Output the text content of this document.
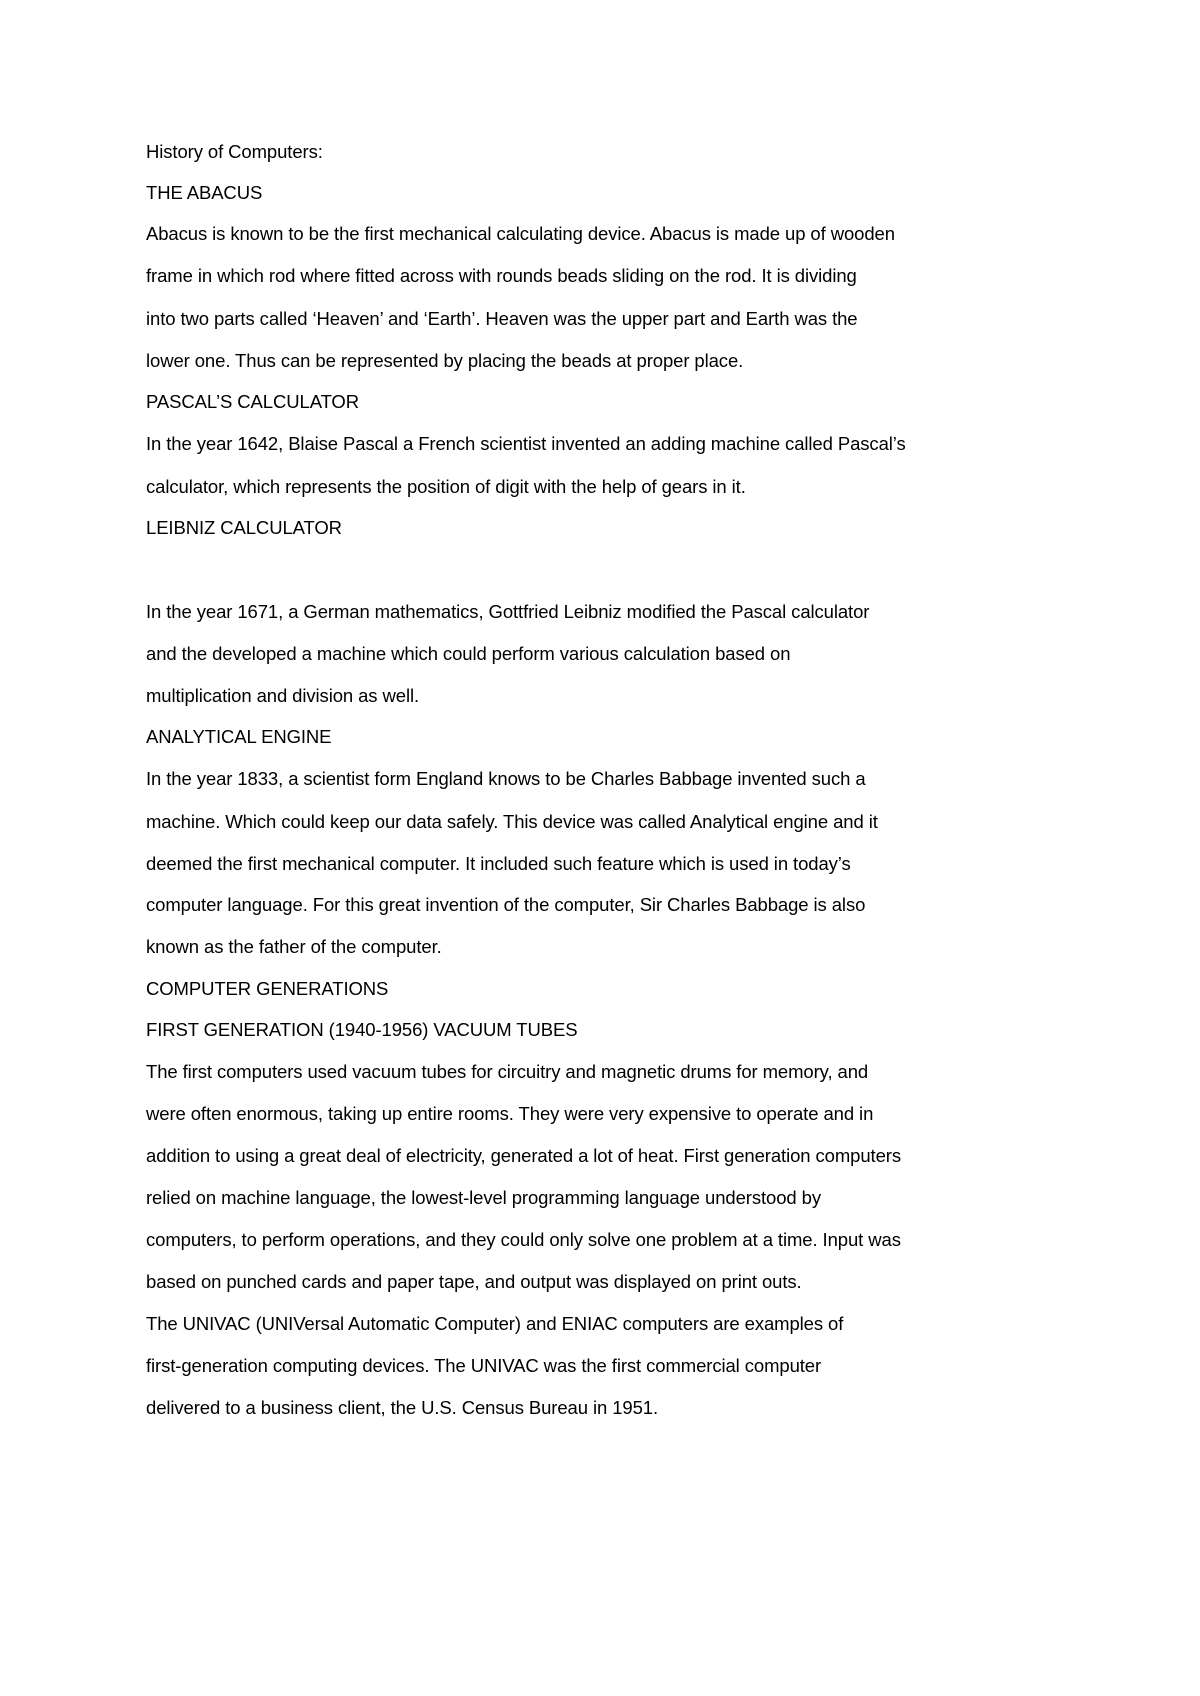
History of Computers:
THE ABACUS
Abacus is known to be the first mechanical calculating device. Abacus is made up of wooden
frame in which rod where fitted across with rounds beads sliding on the rod. It is dividing
into two parts called ‘Heaven’ and ‘Earth’. Heaven was the upper part and Earth was the
lower one. Thus can be represented by placing the beads at proper place.
PASCAL’S CALCULATOR
In the year 1642, Blaise Pascal a French scientist invented an adding machine called Pascal’s
calculator, which represents the position of digit with the help of gears in it.
LEIBNIZ CALCULATOR
In the year 1671, a German mathematics, Gottfried Leibniz modified the Pascal calculator
and the developed a machine which could perform various calculation based on
multiplication and division as well.
ANALYTICAL ENGINE
In the year 1833, a scientist form England knows to be Charles Babbage invented such a
machine. Which could keep our data safely. This device was called Analytical engine and it
deemed the first mechanical computer. It included such feature which is used in today’s
computer language. For this great invention of the computer, Sir Charles Babbage is also
known as the father of the computer.
COMPUTER GENERATIONS
FIRST GENERATION (1940-1956) VACUUM TUBES
The first computers used vacuum tubes for circuitry and magnetic drums for memory, and
were often enormous, taking up entire rooms. They were very expensive to operate and in
addition to using a great deal of electricity, generated a lot of heat. First generation computers
relied on machine language, the lowest-level programming language understood by
computers, to perform operations, and they could only solve one problem at a time. Input was
based on punched cards and paper tape, and output was displayed on print outs.
The UNIVAC (UNIVersal Automatic Computer) and ENIAC computers are examples of
first-generation computing devices. The UNIVAC was the first commercial computer
delivered to a business client, the U.S. Census Bureau in 1951.
